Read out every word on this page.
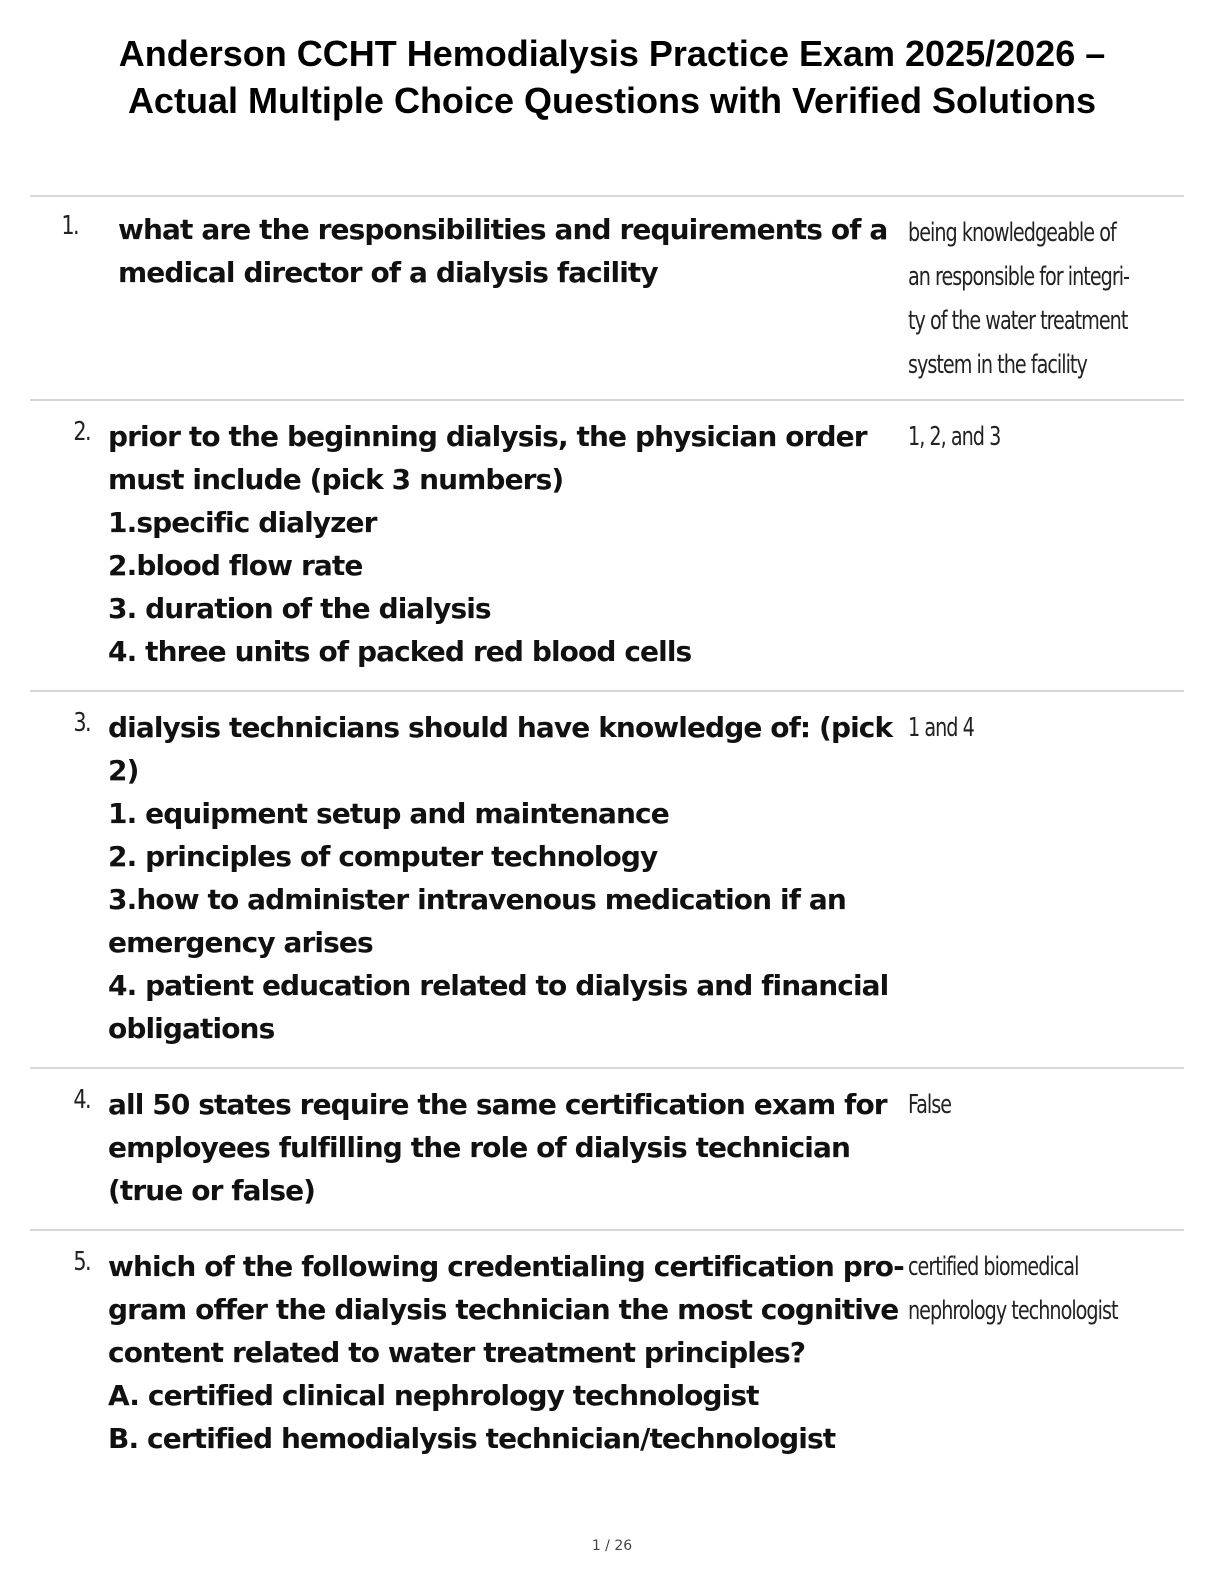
Anderson CCHT Hemodialysis Practice Exam 2025/2026 –
Actual Multiple Choice Questions with Verified Solutions
1. what are the responsibilities and requirements of a
medical director of a dialysis facility
being knowledgeable of
an responsible for integri-
ty of the water treatment
system in the facility
2. prior to the beginning dialysis, the physician order
must include (pick 3 numbers)
1.specific dialyzer
2.blood flow rate
3. duration of the dialysis
4. three units of packed red blood cells
1, 2, and 3
3. dialysis technicians should have knowledge of: (pick
2)
1. equipment setup and maintenance
2. principles of computer technology
3.how to administer intravenous medication if an
emergency arises
4. patient education related to dialysis and financial
obligations
1 and 4
4. all 50 states require the same certification exam for
employees fulfilling the role of dialysis technician
(true or false)
False
5. which of the following credentialing certification pro-
gram offer the dialysis technician the most cognitive
content related to water treatment principles?
A. certified clinical nephrology technologist
B. certified hemodialysis technician/technologist
certified biomedical
nephrology technologist
1 / 26
